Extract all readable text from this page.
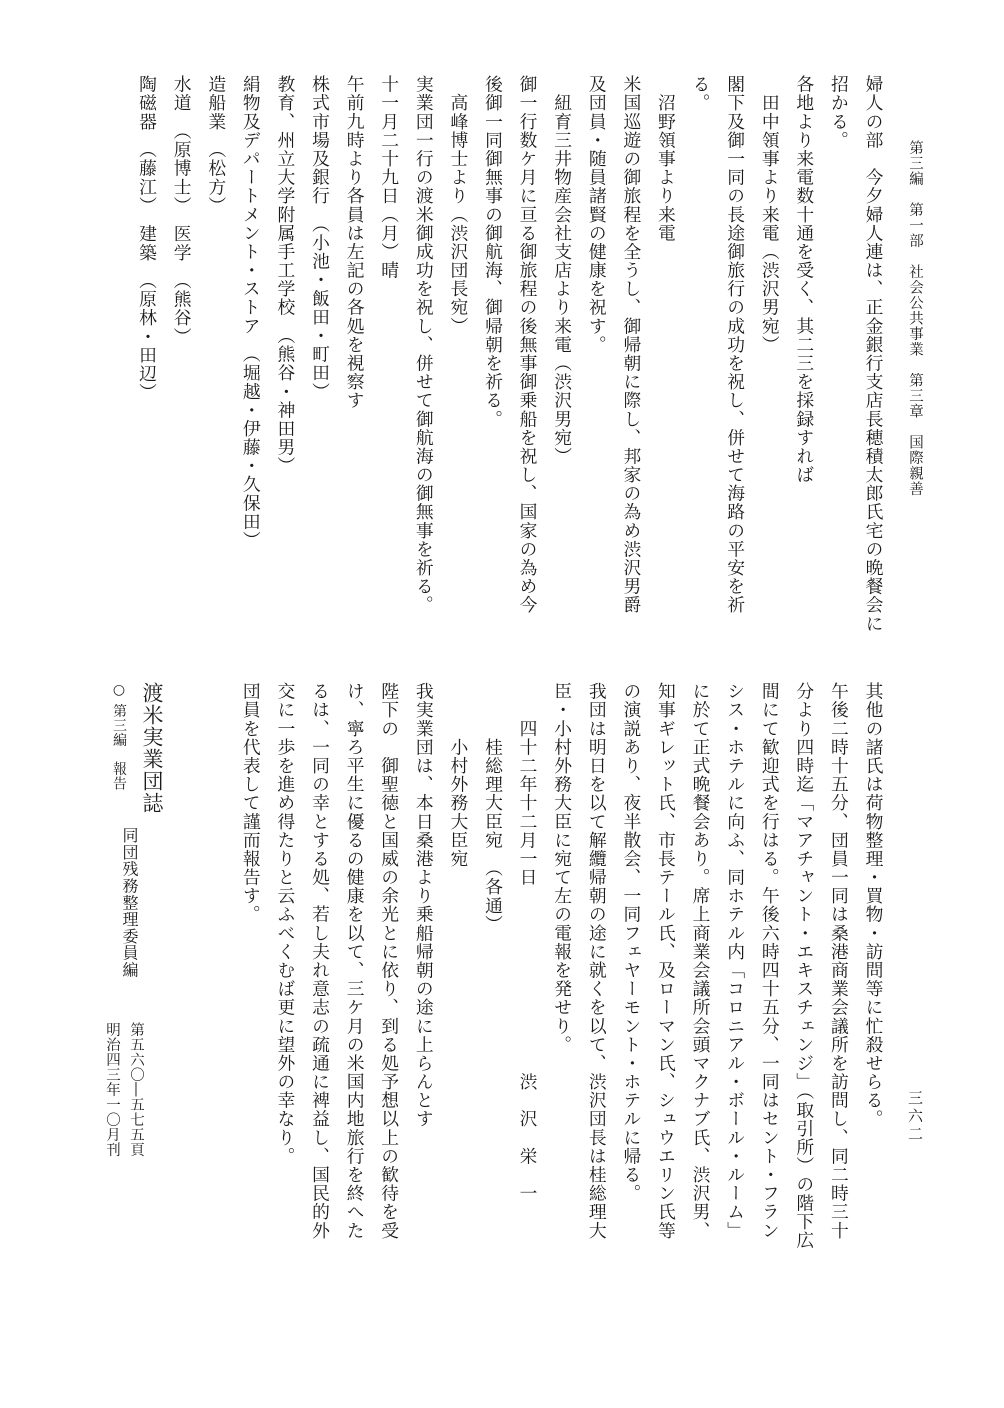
第三編　第一部　社会公共事業　第三章　国際親善
三六二
婦人の部　今夕婦人連は、正金銀行支店長穂積太郎氏宅の晩餐会に
招かる。
各地より来電数十通を受く、其二三を採録すれば
　田中領事より来電（渋沢男宛）
閣下及御一同の長途御旅行の成功を祝し、併せて海路の平安を祈
る。
　沼野領事より来電
米国巡遊の御旅程を全うし、御帰朝に際し、邦家の為め渋沢男爵
及団員・随員諸賢の健康を祝す。
　紐育三井物産会社支店より来電（渋沢男宛）
御一行数ケ月に亘る御旅程の後無事御乗船を祝し、国家の為め今
後御一同御無事の御航海、御帰朝を祈る。
　高峰博士より（渋沢団長宛）
実業団一行の渡米御成功を祝し、併せて御航海の御無事を祈る。
十一月二十九日（月）晴
午前九時より各員は左記の各処を視察す
株式市場及銀行　（小池・飯田・町田）
教育、州立大学附属手工学校　（熊谷・神田男）
絹物及デパートメント・ストア　（堀越・伊藤・久保田）
造船業　（松方）
水道　（原博士）　医学　（熊谷）
陶磁器　（藤江）　建築　（原林・田辺）
其他の諸氏は荷物整理・買物・訪問等に忙殺せらる。
午後二時十五分、団員一同は桑港商業会議所を訪問し、同二時三十
分より四時迄「マアチャント・エキスチェンジ」（取引所）の階下広
間にて歓迎式を行はる。午後六時四十五分、一同はセント・フラン
シス・ホテルに向ふ、同ホテル内「コロニアル・ボール・ルーム」
に於て正式晩餐会あり。席上商業会議所会頭マクナブ氏、渋沢男、
知事ギレット氏、市長テール氏、及ローマン氏、シュウエリン氏等
の演説あり、夜半散会、一同フェヤーモント・ホテルに帰る。
我団は明日を以て解纜帰朝の途に就くを以て、渋沢団長は桂総理大
臣・小村外務大臣に宛て左の電報を発せり。
　　四十二年十二月一日　　　　　　　　　　渋　沢　栄　一
　　　桂総理大臣宛　（各通）
　　　小村外務大臣宛
我実業団は、本日桑港より乗船帰朝の途に上らんとす
陛下の　御聖徳と国威の余光とに依り、到る処予想以上の歓待を受
け、寧ろ平生に優るの健康を以て、三ケ月の米国内地旅行を終へた
るは、一同の幸とする処、若し夫れ意志の疏通に裨益し、国民的外
交に一歩を進め得たりと云ふべくむば更に望外の幸なり。
団員を代表して謹而報告す。
渡米実業団誌
○ 第三編　報告
同団残務整理委員編
第五六〇―五七五頁
明治四三年一〇月刊
